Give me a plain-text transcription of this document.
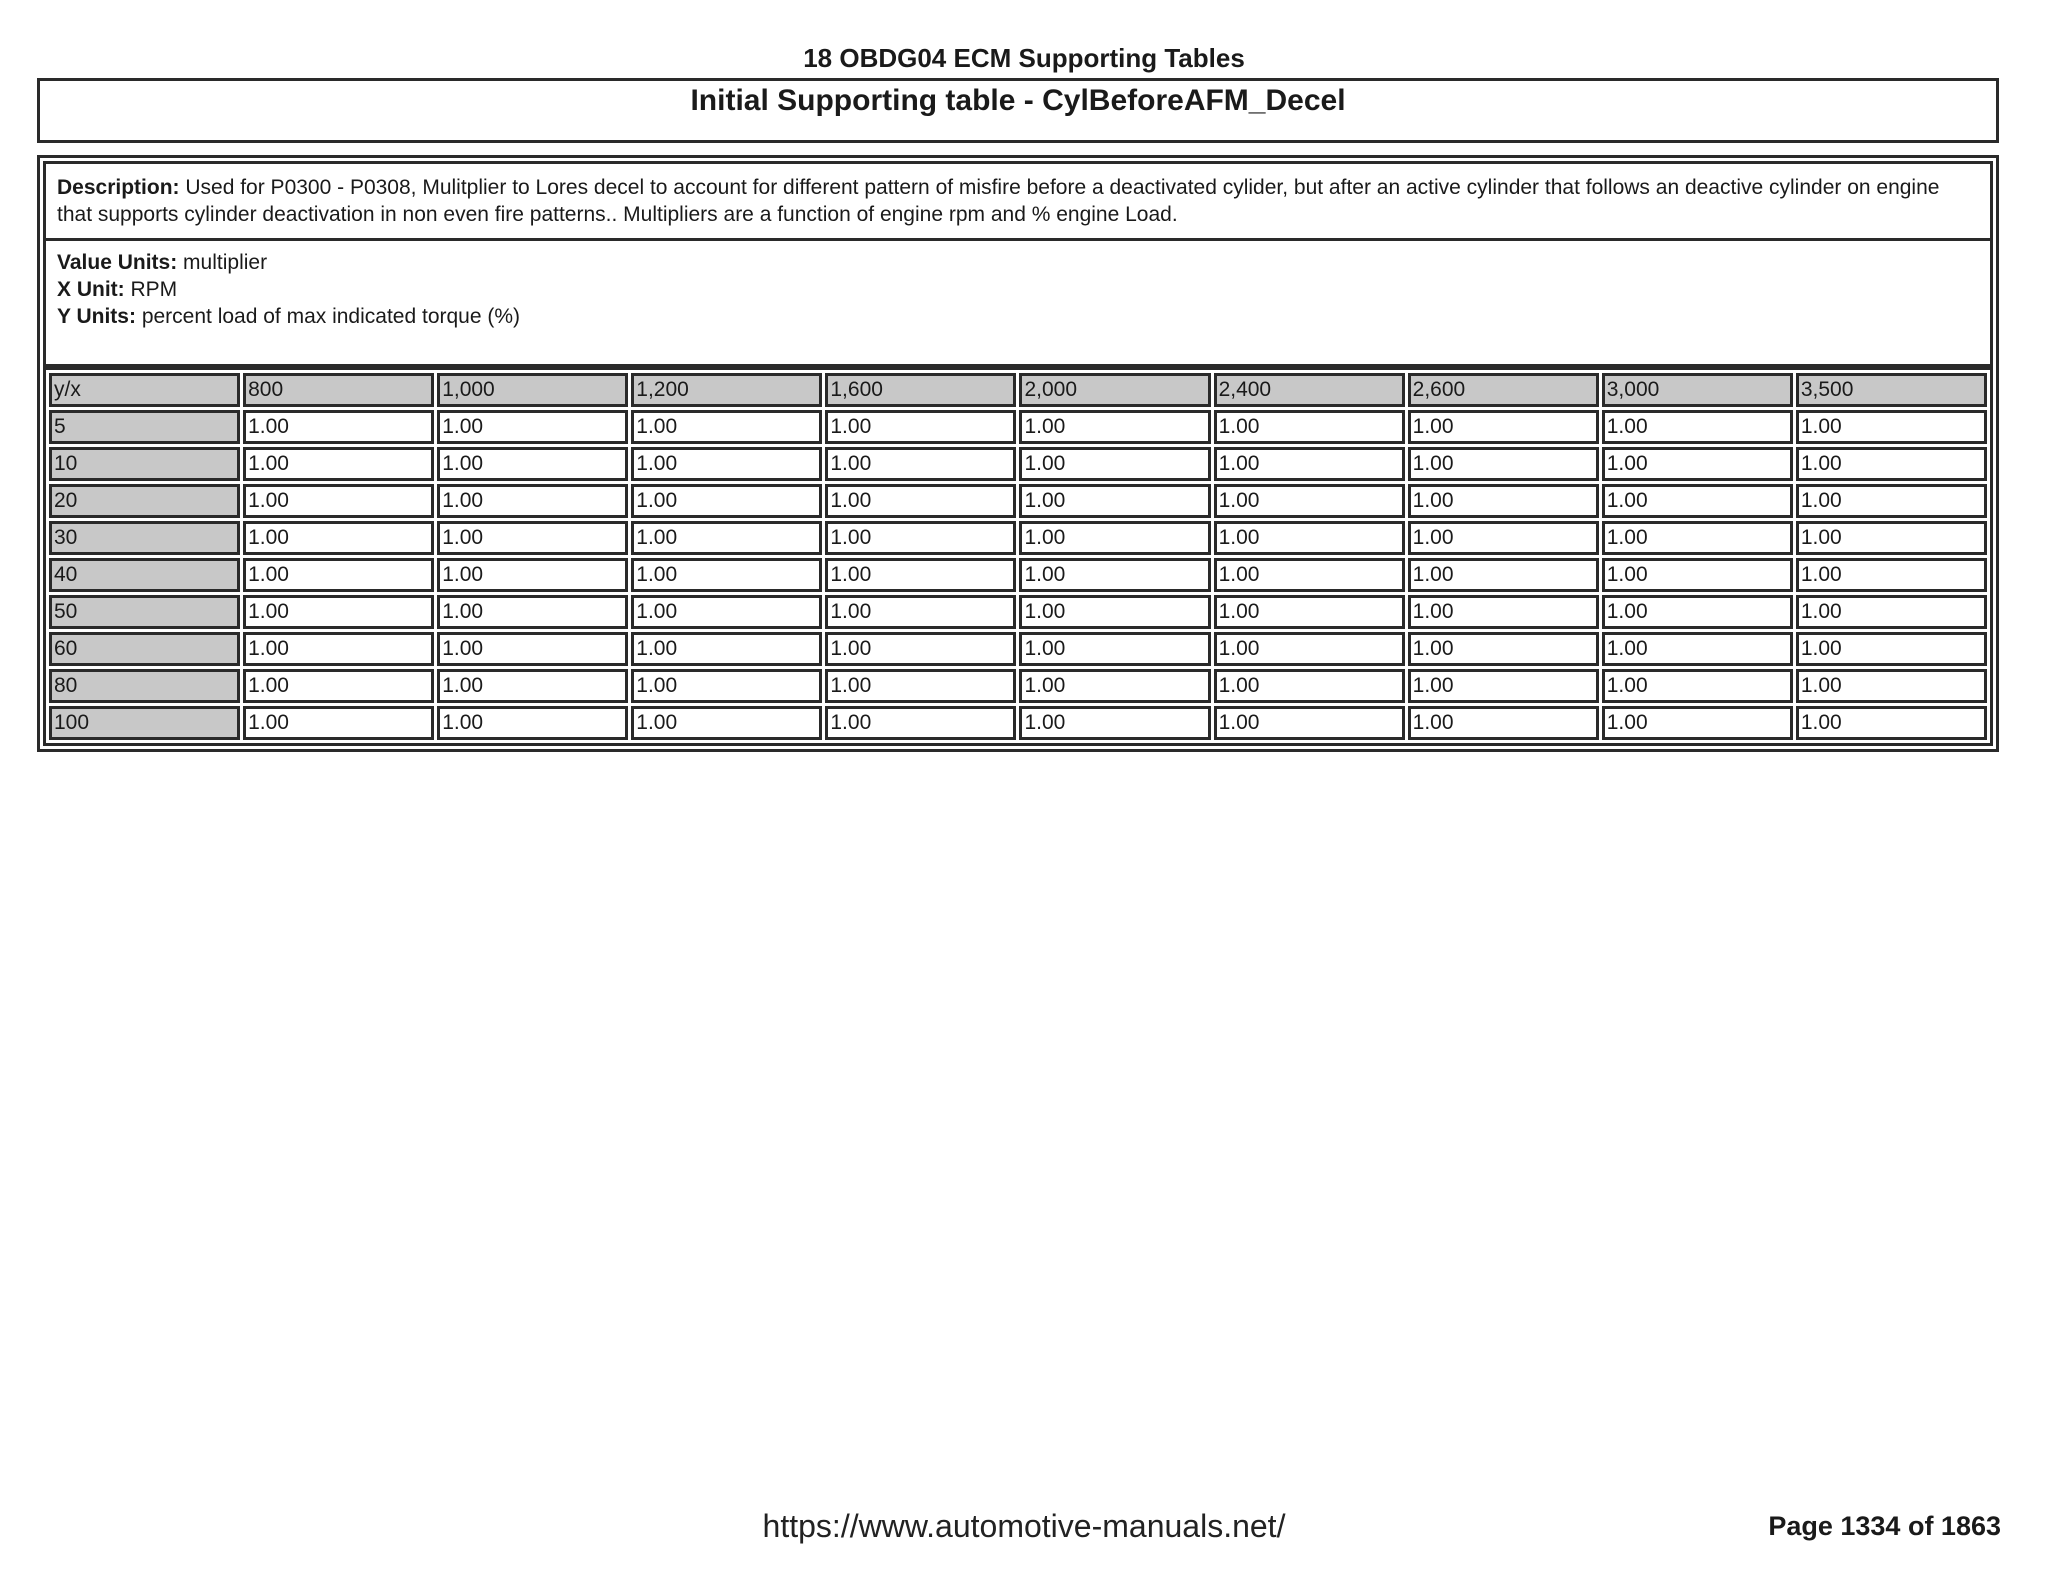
18 OBDG04 ECM Supporting Tables
Initial Supporting table - CylBeforeAFM_Decel
Description: Used for P0300 - P0308, Mulitplier to Lores decel to account for different pattern of misfire before a deactivated cylider, but after an active cylinder that follows an deactive cylinder on engine that supports cylinder deactivation in non even fire patterns.. Multipliers are a function of engine rpm and % engine Load.
Value Units: multiplier
X Unit: RPM
Y Units: percent load of max indicated torque (%)
y/x	800	1,000	1,200	1,600	2,000	2,400	2,600	3,000	3,500
5	1.00	1.00	1.00	1.00	1.00	1.00	1.00	1.00	1.00
10	1.00	1.00	1.00	1.00	1.00	1.00	1.00	1.00	1.00
20	1.00	1.00	1.00	1.00	1.00	1.00	1.00	1.00	1.00
30	1.00	1.00	1.00	1.00	1.00	1.00	1.00	1.00	1.00
40	1.00	1.00	1.00	1.00	1.00	1.00	1.00	1.00	1.00
50	1.00	1.00	1.00	1.00	1.00	1.00	1.00	1.00	1.00
60	1.00	1.00	1.00	1.00	1.00	1.00	1.00	1.00	1.00
80	1.00	1.00	1.00	1.00	1.00	1.00	1.00	1.00	1.00
100	1.00	1.00	1.00	1.00	1.00	1.00	1.00	1.00	1.00
https://www.automotive-manuals.net/	Page 1334 of 1863
